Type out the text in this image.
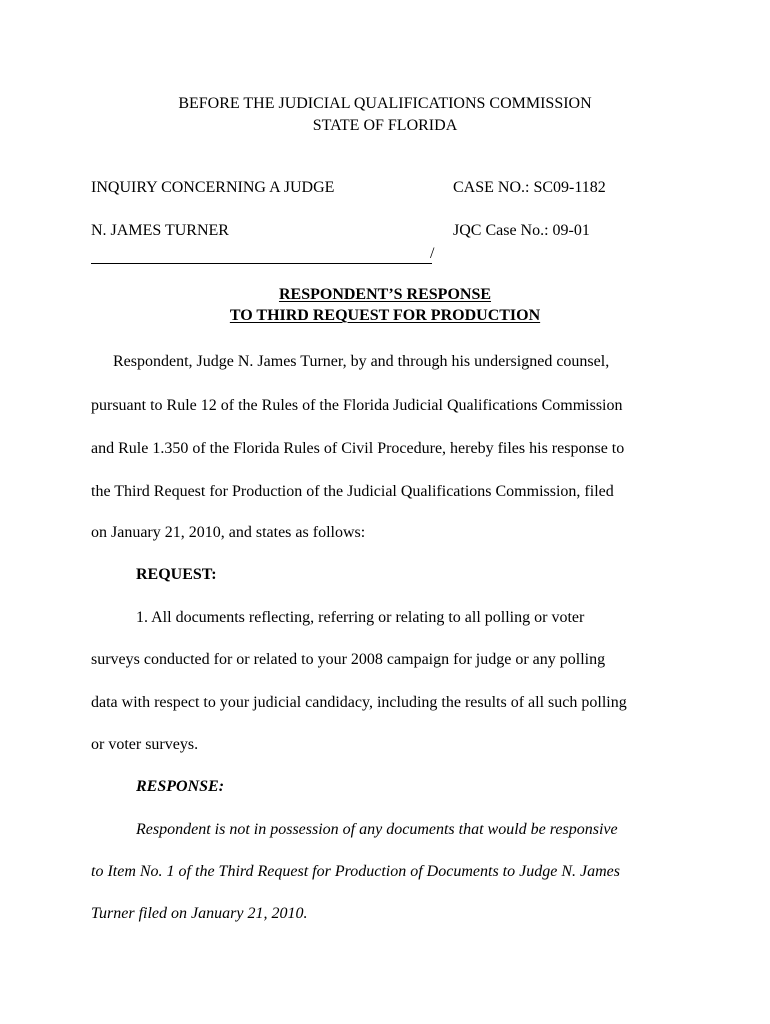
BEFORE THE JUDICIAL QUALIFICATIONS COMMISSION
STATE OF FLORIDA
INQUIRY CONCERNING A JUDGE	CASE NO.: SC09-1182
N. JAMES TURNER	JQC Case No.: 09-01
/
RESPONDENT’S RESPONSE
TO THIRD REQUEST FOR PRODUCTION
Respondent, Judge N. James Turner, by and through his undersigned counsel,
pursuant to Rule 12 of the Rules of the Florida Judicial Qualifications Commission
and Rule 1.350 of the Florida Rules of Civil Procedure, hereby files his response to
the Third Request for Production of the Judicial Qualifications Commission, filed
on January 21, 2010, and states as follows:
REQUEST:
1. All documents reflecting, referring or relating to all polling or voter
surveys conducted for or related to your 2008 campaign for judge or any polling
data with respect to your judicial candidacy, including the results of all such polling
or voter surveys.
RESPONSE:
Respondent is not in possession of any documents that would be responsive
to Item No. 1 of the Third Request for Production of Documents to Judge N. James
Turner filed on January 21, 2010.
